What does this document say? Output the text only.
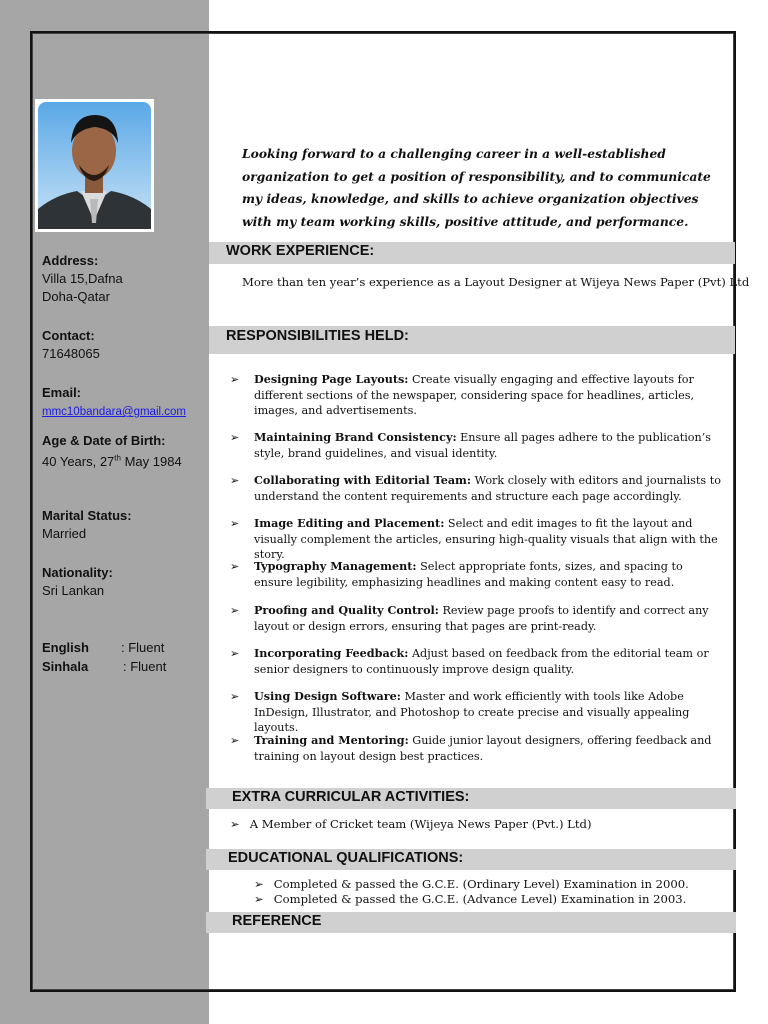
Address:
Villa 15,Dafna
Doha-Qatar
Contact:
71648065
Email:
mmc10bandara@gmail.com
Age & Date of Birth:
40 Years, 27th May 1984
Marital Status:
Married
Nationality:
Sri Lankan
English : Fluent
Sinhala	: Fluent
Looking forward to a challenging career in a well-established organization to get a position of responsibility, and to communicate my ideas, knowledge, and skills to achieve organization objectives with my team working skills, positive attitude, and performance.
WORK EXPERIENCE:
More than ten year’s experience as a Layout Designer at Wijeya News Paper (Pvt) Ltd
RESPONSIBILITIES HELD:
➢	Designing Page Layouts: Create visually engaging and effective layouts for different sections of the newspaper, considering space for headlines, articles, images, and advertisements.
➢	Maintaining Brand Consistency: Ensure all pages adhere to the publication’s style, brand guidelines, and visual identity.
➢	Collaborating with Editorial Team: Work closely with editors and journalists to understand the content requirements and structure each page accordingly.
➢	Image Editing and Placement: Select and edit images to fit the layout and visually complement the articles, ensuring high-quality visuals that align with the story.
➢	Typography Management: Select appropriate fonts, sizes, and spacing to ensure legibility, emphasizing headlines and making content easy to read.
➢	Proofing and Quality Control: Review page proofs to identify and correct any layout or design errors, ensuring that pages are print-ready.
➢	Incorporating Feedback: Adjust based on feedback from the editorial team or senior designers to continuously improve design quality.
➢	Using Design Software: Master and work efficiently with tools like Adobe InDesign, Illustrator, and Photoshop to create precise and visually appealing layouts.
➢	Training and Mentoring: Guide junior layout designers, offering feedback and training on layout design best practices.
EXTRA CURRICULAR ACTIVITIES:
➢ A Member of Cricket team (Wijeya News Paper (Pvt.) Ltd)
EDUCATIONAL QUALIFICATIONS:
➢ Completed & passed the G.C.E. (Ordinary Level) Examination in 2000.
➢ Completed & passed the G.C.E. (Advance Level) Examination in 2003.
REFERENCE
